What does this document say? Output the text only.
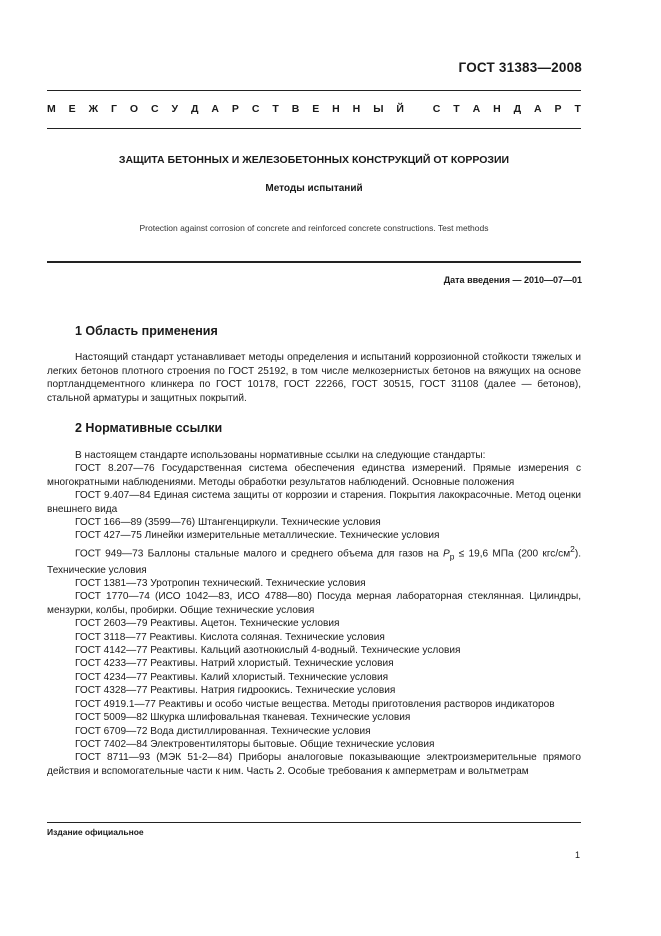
ГОСТ 31383—2008
М Е Ж Г О С У Д А Р С Т В Е Н Н Ы Й
	С Т А Н Д А Р Т
ЗАЩИТА БЕТОННЫХ И ЖЕЛЕЗОБЕТОННЫХ КОНСТРУКЦИЙ ОТ КОРРОЗИИ
Методы испытаний
Protection against corrosion of concrete and reinforced concrete constructions. Test methods
Дата введения — 2010—07—01
1 Область применения
Настоящий стандарт устанавливает методы определения и испытаний коррозионной стойкости тяжелых и легких бетонов плотного строения по ГОСТ 25192, в том числе мелкозернистых бетонов на вяжущих на основе портландцементного клинкера по ГОСТ 10178, ГОСТ 22266, ГОСТ 30515, ГОСТ 31108 (далее — бетонов), стальной арматуры и защитных покрытий.
2 Нормативные ссылки
В настоящем стандарте использованы нормативные ссылки на следующие стандарты:
ГОСТ 8.207—76 Государственная система обеспечения единства измерений. Прямые измерения с многократными наблюдениями. Методы обработки результатов наблюдений. Основные положения
ГОСТ 9.407—84 Единая система защиты от коррозии и старения. Покрытия лакокрасочные. Метод оценки внешнего вида
ГОСТ 166—89 (3599—76) Штангенциркули. Технические условия
ГОСТ 427—75 Линейки измерительные металлические. Технические условия
ГОСТ 949—73 Баллоны стальные малого и среднего объема для газов на $P_р \le 19,6$ МПа (200 кгс/$см^2$). Технические условия
ГОСТ 1381—73 Уротропин технический. Технические условия
ГОСТ 1770—74 (ИСО 1042—83, ИСО 4788—80) Посуда мерная лабораторная стеклянная. Цилиндры, мензурки, колбы, пробирки. Общие технические условия
ГОСТ 2603—79 Реактивы. Ацетон. Технические условия
ГОСТ 3118—77 Реактивы. Кислота соляная. Технические условия
ГОСТ 4142—77 Реактивы. Кальций азотнокислый 4-водный. Технические условия
ГОСТ 4233—77 Реактивы. Натрий хлористый. Технические условия
ГОСТ 4234—77 Реактивы. Калий хлористый. Технические условия
ГОСТ 4328—77 Реактивы. Натрия гидроокись. Технические условия
ГОСТ 4919.1—77 Реактивы и особо чистые вещества. Методы приготовления растворов индикаторов
ГОСТ 5009—82 Шкурка шлифовальная тканевая. Технические условия
ГОСТ 6709—72 Вода дистиллированная. Технические условия
ГОСТ 7402—84 Электровентиляторы бытовые. Общие технические условия
ГОСТ 8711—93 (МЭК 51-2—84) Приборы аналоговые показывающие электроизмерительные прямого действия и вспомогательные части к ним. Часть 2. Особые требования к амперметрам и вольтметрам
Издание официальное
1
